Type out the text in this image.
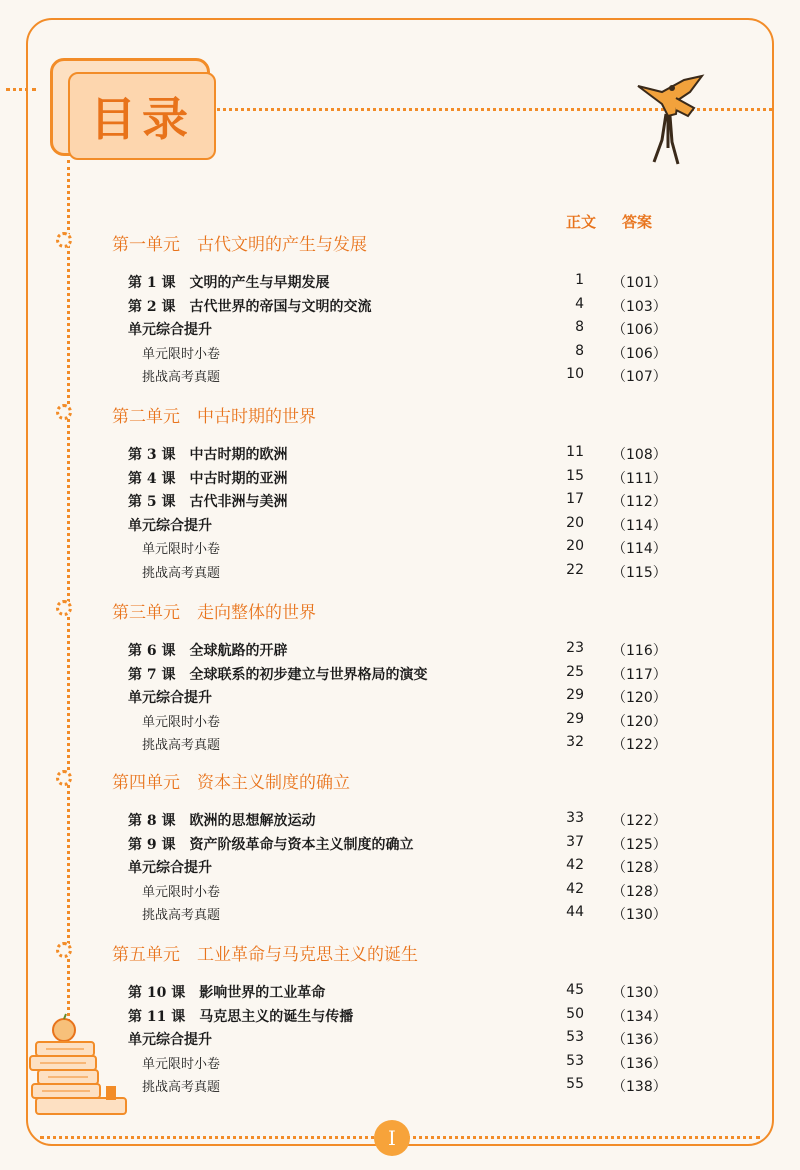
目录
正文 答案
第一单元　古代文明的产生与发展
第 1 课　文明的产生与早期发展	1 （101）
第 2 课　古代世界的帝国与文明的交流	4 （103）
单元综合提升	8 （106）
单元限时小卷	8 （106）
挑战高考真题	10 （107）
第二单元　中古时期的世界
第 3 课　中古时期的欧洲	11 （108）
第 4 课　中古时期的亚洲	15 （111）
第 5 课　古代非洲与美洲	17 （112）
单元综合提升	20 （114）
单元限时小卷	20 （114）
挑战高考真题	22 （115）
第三单元　走向整体的世界
第 6 课　全球航路的开辟	23 （116）
第 7 课　全球联系的初步建立与世界格局的演变	25 （117）
单元综合提升	29 （120）
单元限时小卷	29 （120）
挑战高考真题	32 （122）
第四单元　资本主义制度的确立
第 8 课　欧洲的思想解放运动	33 （122）
第 9 课　资产阶级革命与资本主义制度的确立	37 （125）
单元综合提升	42 （128）
单元限时小卷	42 （128）
挑战高考真题	44 （130）
第五单元　工业革命与马克思主义的诞生
第 10 课　影响世界的工业革命	45 （130）
第 11 课　马克思主义的诞生与传播	50 （134）
单元综合提升	53 （136）
单元限时小卷	53 （136）
挑战高考真题	55 （138）
I
